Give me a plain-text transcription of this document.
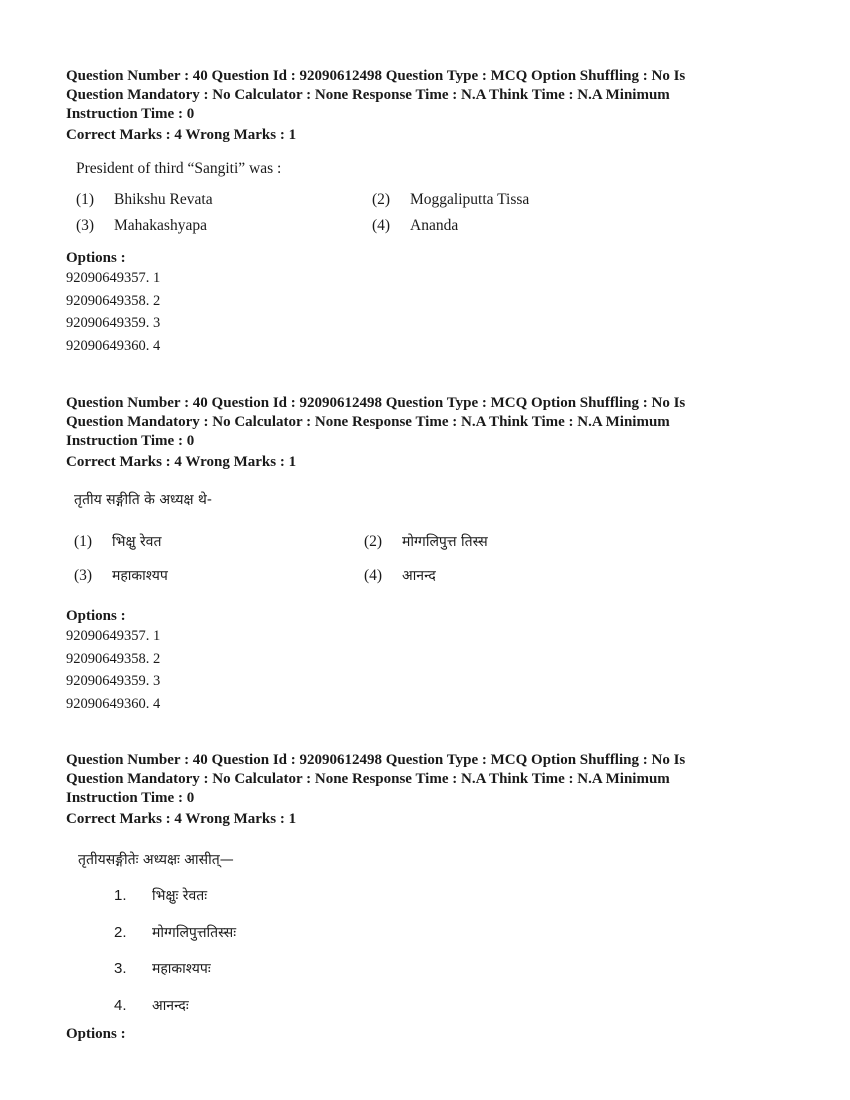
Question Number : 40 Question Id : 92090612498 Question Type : MCQ Option Shuffling : No Is
Question Mandatory : No Calculator : None Response Time : N.A Think Time : N.A Minimum
Instruction Time : 0
Correct Marks : 4 Wrong Marks : 1
President of third “Sangiti” was :
(1) Bhikshu Revata	(2) Moggaliputta Tissa
(3) Mahakashyapa	(4) Ananda
Options :
92090649357. 1
92090649358. 2
92090649359. 3
92090649360. 4
Question Number : 40 Question Id : 92090612498 Question Type : MCQ Option Shuffling : No Is
Question Mandatory : No Calculator : None Response Time : N.A Think Time : N.A Minimum
Instruction Time : 0
Correct Marks : 4 Wrong Marks : 1
तृतीय सङ्गीति के अध्यक्ष थे-
(1) भिक्षु रेवत	(2) मोग्गलिपुत्त तिस्स
(3) महाकाश्यप	(4) आनन्द
Options :
92090649357. 1
92090649358. 2
92090649359. 3
92090649360. 4
Question Number : 40 Question Id : 92090612498 Question Type : MCQ Option Shuffling : No Is
Question Mandatory : No Calculator : None Response Time : N.A Think Time : N.A Minimum
Instruction Time : 0
Correct Marks : 4 Wrong Marks : 1
तृतीयसङ्गीतेः अध्यक्षः आसीत्—
1. भिक्षुः रेवतः
2. मोग्गलिपुत्ततिस्सः
3. महाकाश्यपः
4. आनन्दः
Options :
